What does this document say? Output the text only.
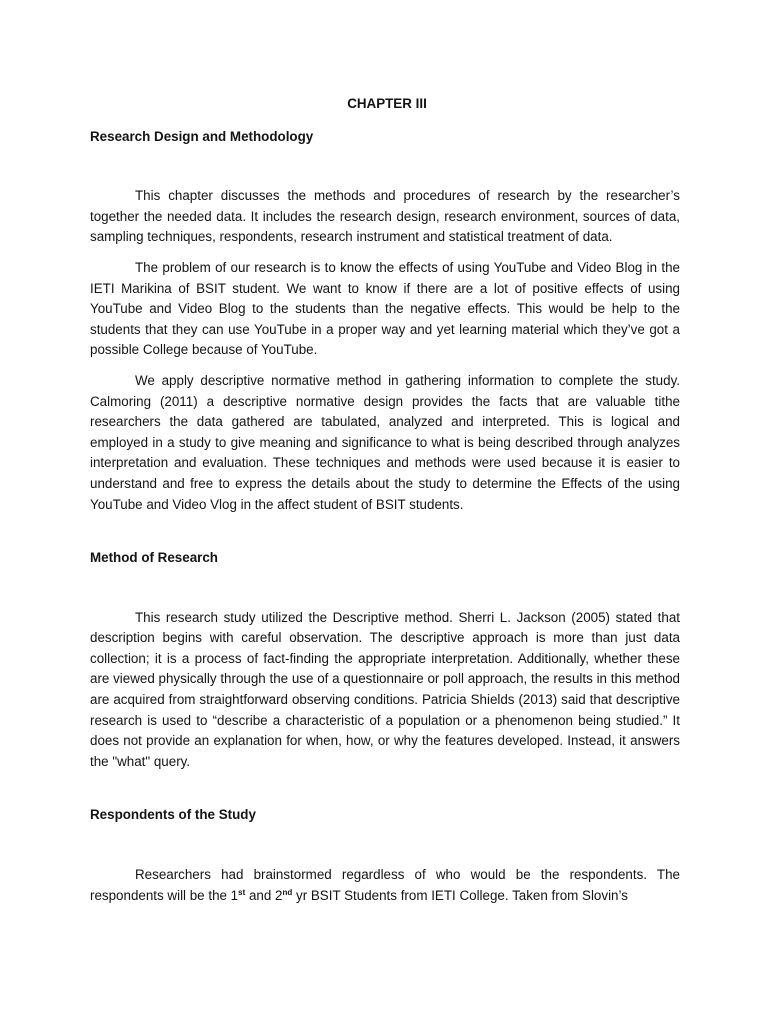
CHAPTER III

Research Design and Methodology

This chapter discusses the methods and procedures of research by the researcher’s together the needed data. It includes the research design, research environment, sources of data, sampling techniques, respondents, research instrument and statistical treatment of data.

The problem of our research is to know the effects of using YouTube and Video Blog in the IETI Marikina of BSIT student. We want to know if there are a lot of positive effects of using YouTube and Video Blog to the students than the negative effects. This would be help to the students that they can use YouTube in a proper way and yet learning material which they’ve got a possible College because of YouTube.

We apply descriptive normative method in gathering information to complete the study. Calmoring (2011) a descriptive normative design provides the facts that are valuable tithe researchers the data gathered are tabulated, analyzed and interpreted. This is logical and employed in a study to give meaning and significance to what is being described through analyzes interpretation and evaluation. These techniques and methods were used because it is easier to understand and free to express the details about the study to determine the Effects of the using YouTube and Video Vlog in the affect student of BSIT students.

Method of Research

This research study utilized the Descriptive method. Sherri L. Jackson (2005) stated that description begins with careful observation. The descriptive approach is more than just data collection; it is a process of fact-finding the appropriate interpretation. Additionally, whether these are viewed physically through the use of a questionnaire or poll approach, the results in this method are acquired from straightforward observing conditions. Patricia Shields (2013) said that descriptive research is used to “describe a characteristic of a population or a phenomenon being studied.” It does not provide an explanation for when, how, or why the features developed. Instead, it answers the "what" query.

Respondents of the Study

Researchers had brainstormed regardless of who would be the respondents. The respondents will be the 1st and 2nd yr BSIT Students from IETI College. Taken from Slovin’s
